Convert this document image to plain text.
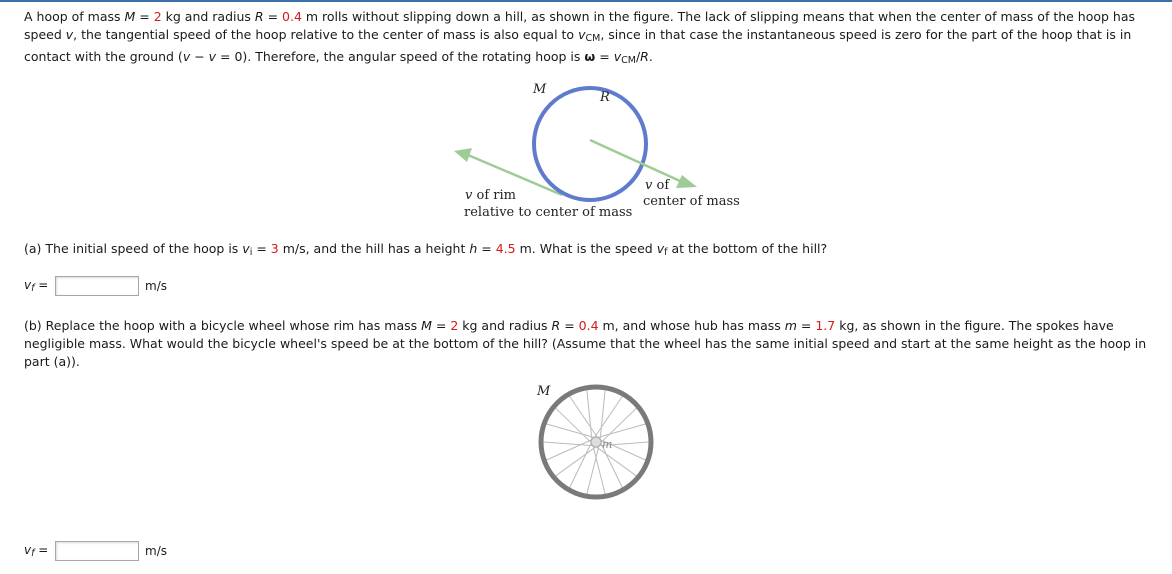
A hoop of mass M = 2 kg and radius R = 0.4 m rolls without slipping down a hill, as shown in the figure. The lack of slipping means that when the center of mass of the hoop has speed v, the tangential speed of the hoop relative to the center of mass is also equal to $v_{CM}$, since in that case the instantaneous speed is zero for the part of the hoop that is in contact with the ground (v − v = 0). Therefore, the angular speed of the rotating hoop is $\omega = v_{CM}/R$.
M
R
v of rim
relative to center of mass
v of
center of mass
(a) The initial speed of the hoop is $v_i = 3$ m/s, and the hill has a height h = 4.5 m. What is the speed $v_f$ at the bottom of the hill?
$v_f$ =	m/s
(b) Replace the hoop with a bicycle wheel whose rim has mass M = 2 kg and radius R = 0.4 m, and whose hub has mass m = 1.7 kg, as shown in the figure. The spokes have negligible mass. What would the bicycle wheel's speed be at the bottom of the hill? (Assume that the wheel has the same initial speed and start at the same height as the hoop in part (a)).
M
m
$v_f$ =	m/s
